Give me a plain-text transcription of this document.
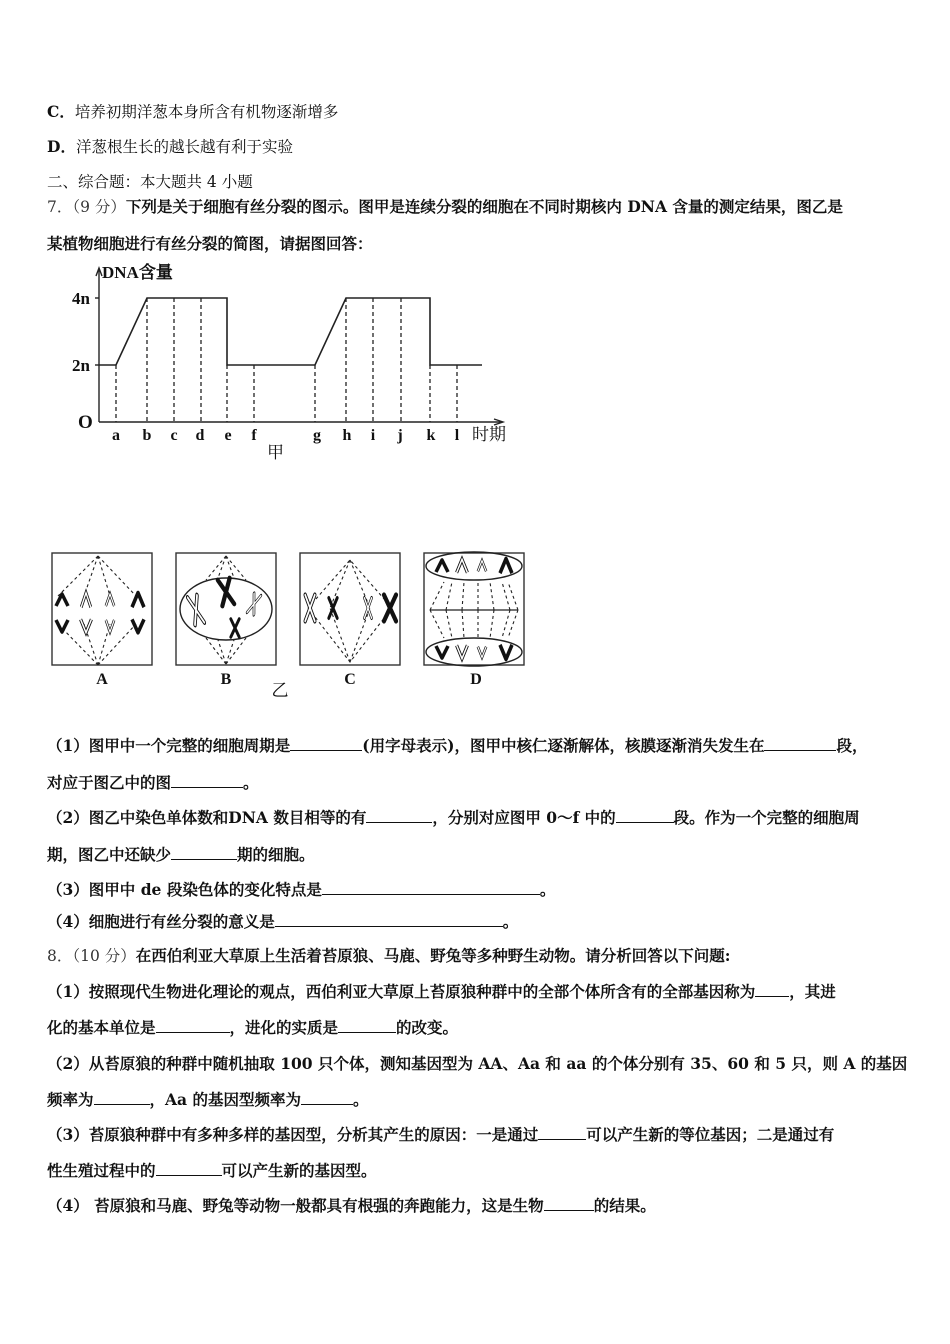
C．培养初期洋葱本身所含有机物逐渐增多
D．洋葱根生长的越长越有利于实验
二、综合题：本大题共 4 小题
7．（9 分）下列是关于细胞有丝分裂的图示。图甲是连续分裂的细胞在不同时期核内 DNA 含量的测定结果，图乙是
某植物细胞进行有丝分裂的简图，请据图回答：
DNA含量
4n
2n
O
a b c d e f	g h i j k l 时期
甲
A	B	C	D
乙
（1）图甲中一个完整的细胞周期是	(用字母表示)，图甲中核仁逐渐解体，核膜逐渐消失发生在	段，
对应于图乙中的图	。
（2）图乙中染色单体数和DNA 数目相等的有	，分别对应图甲 0～f 中的	段。作为一个完整的细胞周
期，图乙中还缺少	期的细胞。
（3）图甲中 de 段染色体的变化特点是	。
（4）细胞进行有丝分裂的意义是	。
8．（10 分）在西伯利亚大草原上生活着苔原狼、马鹿、野兔等多种野生动物。请分析回答以下问题:
（1）按照现代生物进化理论的观点，西伯利亚大草原上苔原狼种群中的全部个体所含有的全部基因称为 ，其进
化的基本单位是	，进化的实质是	的改变。
（2）从苔原狼的种群中随机抽取 100 只个体，测知基因型为 AA、Aa 和 aa 的个体分别有 35、60 和 5 只，则 A 的基因
频率为	，Aa 的基因型频率为	。
（3）苔原狼种群中有多种多样的基因型，分析其产生的原因：一是通过	可以产生新的等位基因；二是通过有
性生殖过程中的	可以产生新的基因型。
（4） 苔原狼和马鹿、野兔等动物一般都具有根强的奔跑能力，这是生物	的结果。
